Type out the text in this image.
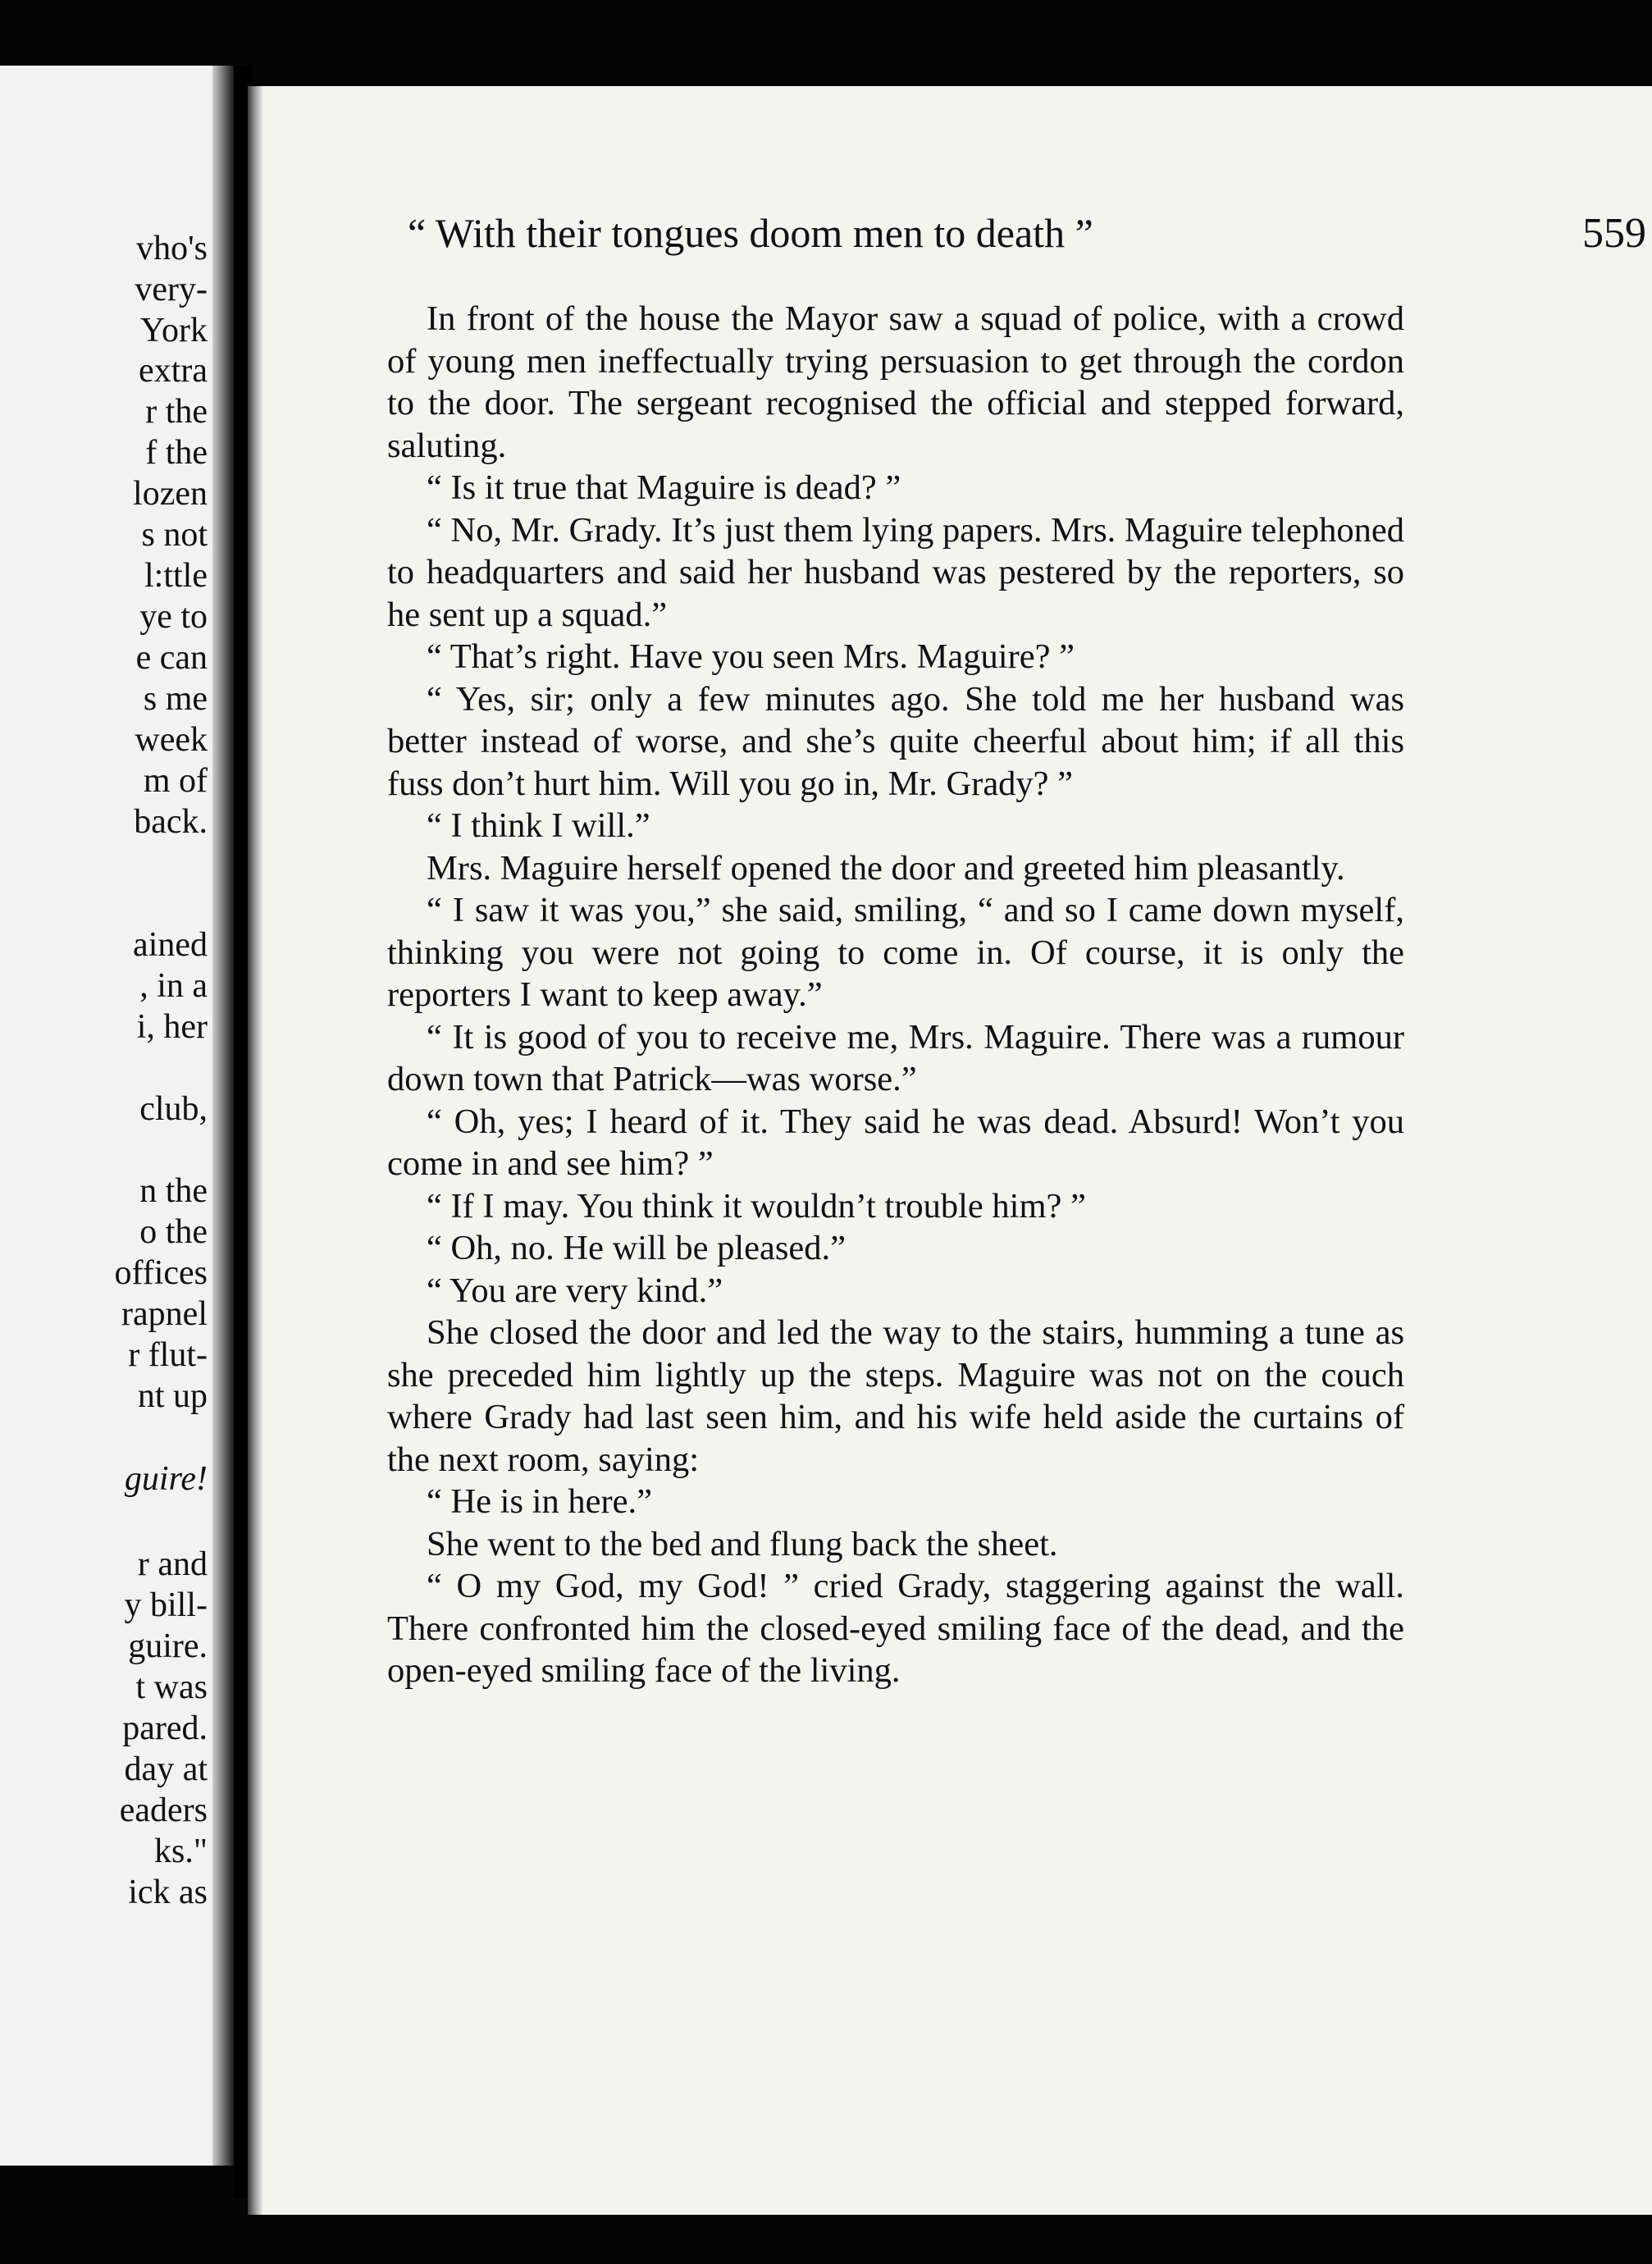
vho's
very-
York
extra
r the
f the
lozen
s not
l:ttle
ye to
e can
s me
week
m of
back.
ained
, in a
i, her
club,
n the
o the
offices
rapnel
r flut-
nt up
guire!
r and
y bill-
guire.
t was
pared.
day at
eaders
ks."
ick as
“ With their tongues doom men to death ”	559

In front of the house the Mayor saw a squad of police, with a crowd of young men ineffectually trying persuasion to get through the cordon to the door. The sergeant recognised the official and stepped forward, saluting.

“ Is it true that Maguire is dead? ”

“ No, Mr. Grady. It’s just them lying papers. Mrs. Maguire telephoned to headquarters and said her husband was pestered by the reporters, so he sent up a squad.”

“ That’s right. Have you seen Mrs. Maguire? ”

“ Yes, sir; only a few minutes ago. She told me her husband was better instead of worse, and she’s quite cheerful about him; if all this fuss don’t hurt him. Will you go in, Mr. Grady? ”

“ I think I will.”

Mrs. Maguire herself opened the door and greeted him pleasantly.

“ I saw it was you,” she said, smiling, “ and so I came down myself, thinking you were not going to come in. Of course, it is only the reporters I want to keep away.”

“ It is good of you to receive me, Mrs. Maguire. There was a rumour down town that Patrick—was worse.”

“ Oh, yes; I heard of it. They said he was dead. Absurd! Won’t you come in and see him? ”

“ If I may. You think it wouldn’t trouble him? ”

“ Oh, no. He will be pleased.”

“ You are very kind.”

She closed the door and led the way to the stairs, humming a tune as she preceded him lightly up the steps. Maguire was not on the couch where Grady had last seen him, and his wife held aside the curtains of the next room, saying:

“ He is in here.”

She went to the bed and flung back the sheet.

“ O my God, my God! ” cried Grady, staggering against the wall. There confronted him the closed-eyed smiling face of the dead, and the open-eyed smiling face of the living.
